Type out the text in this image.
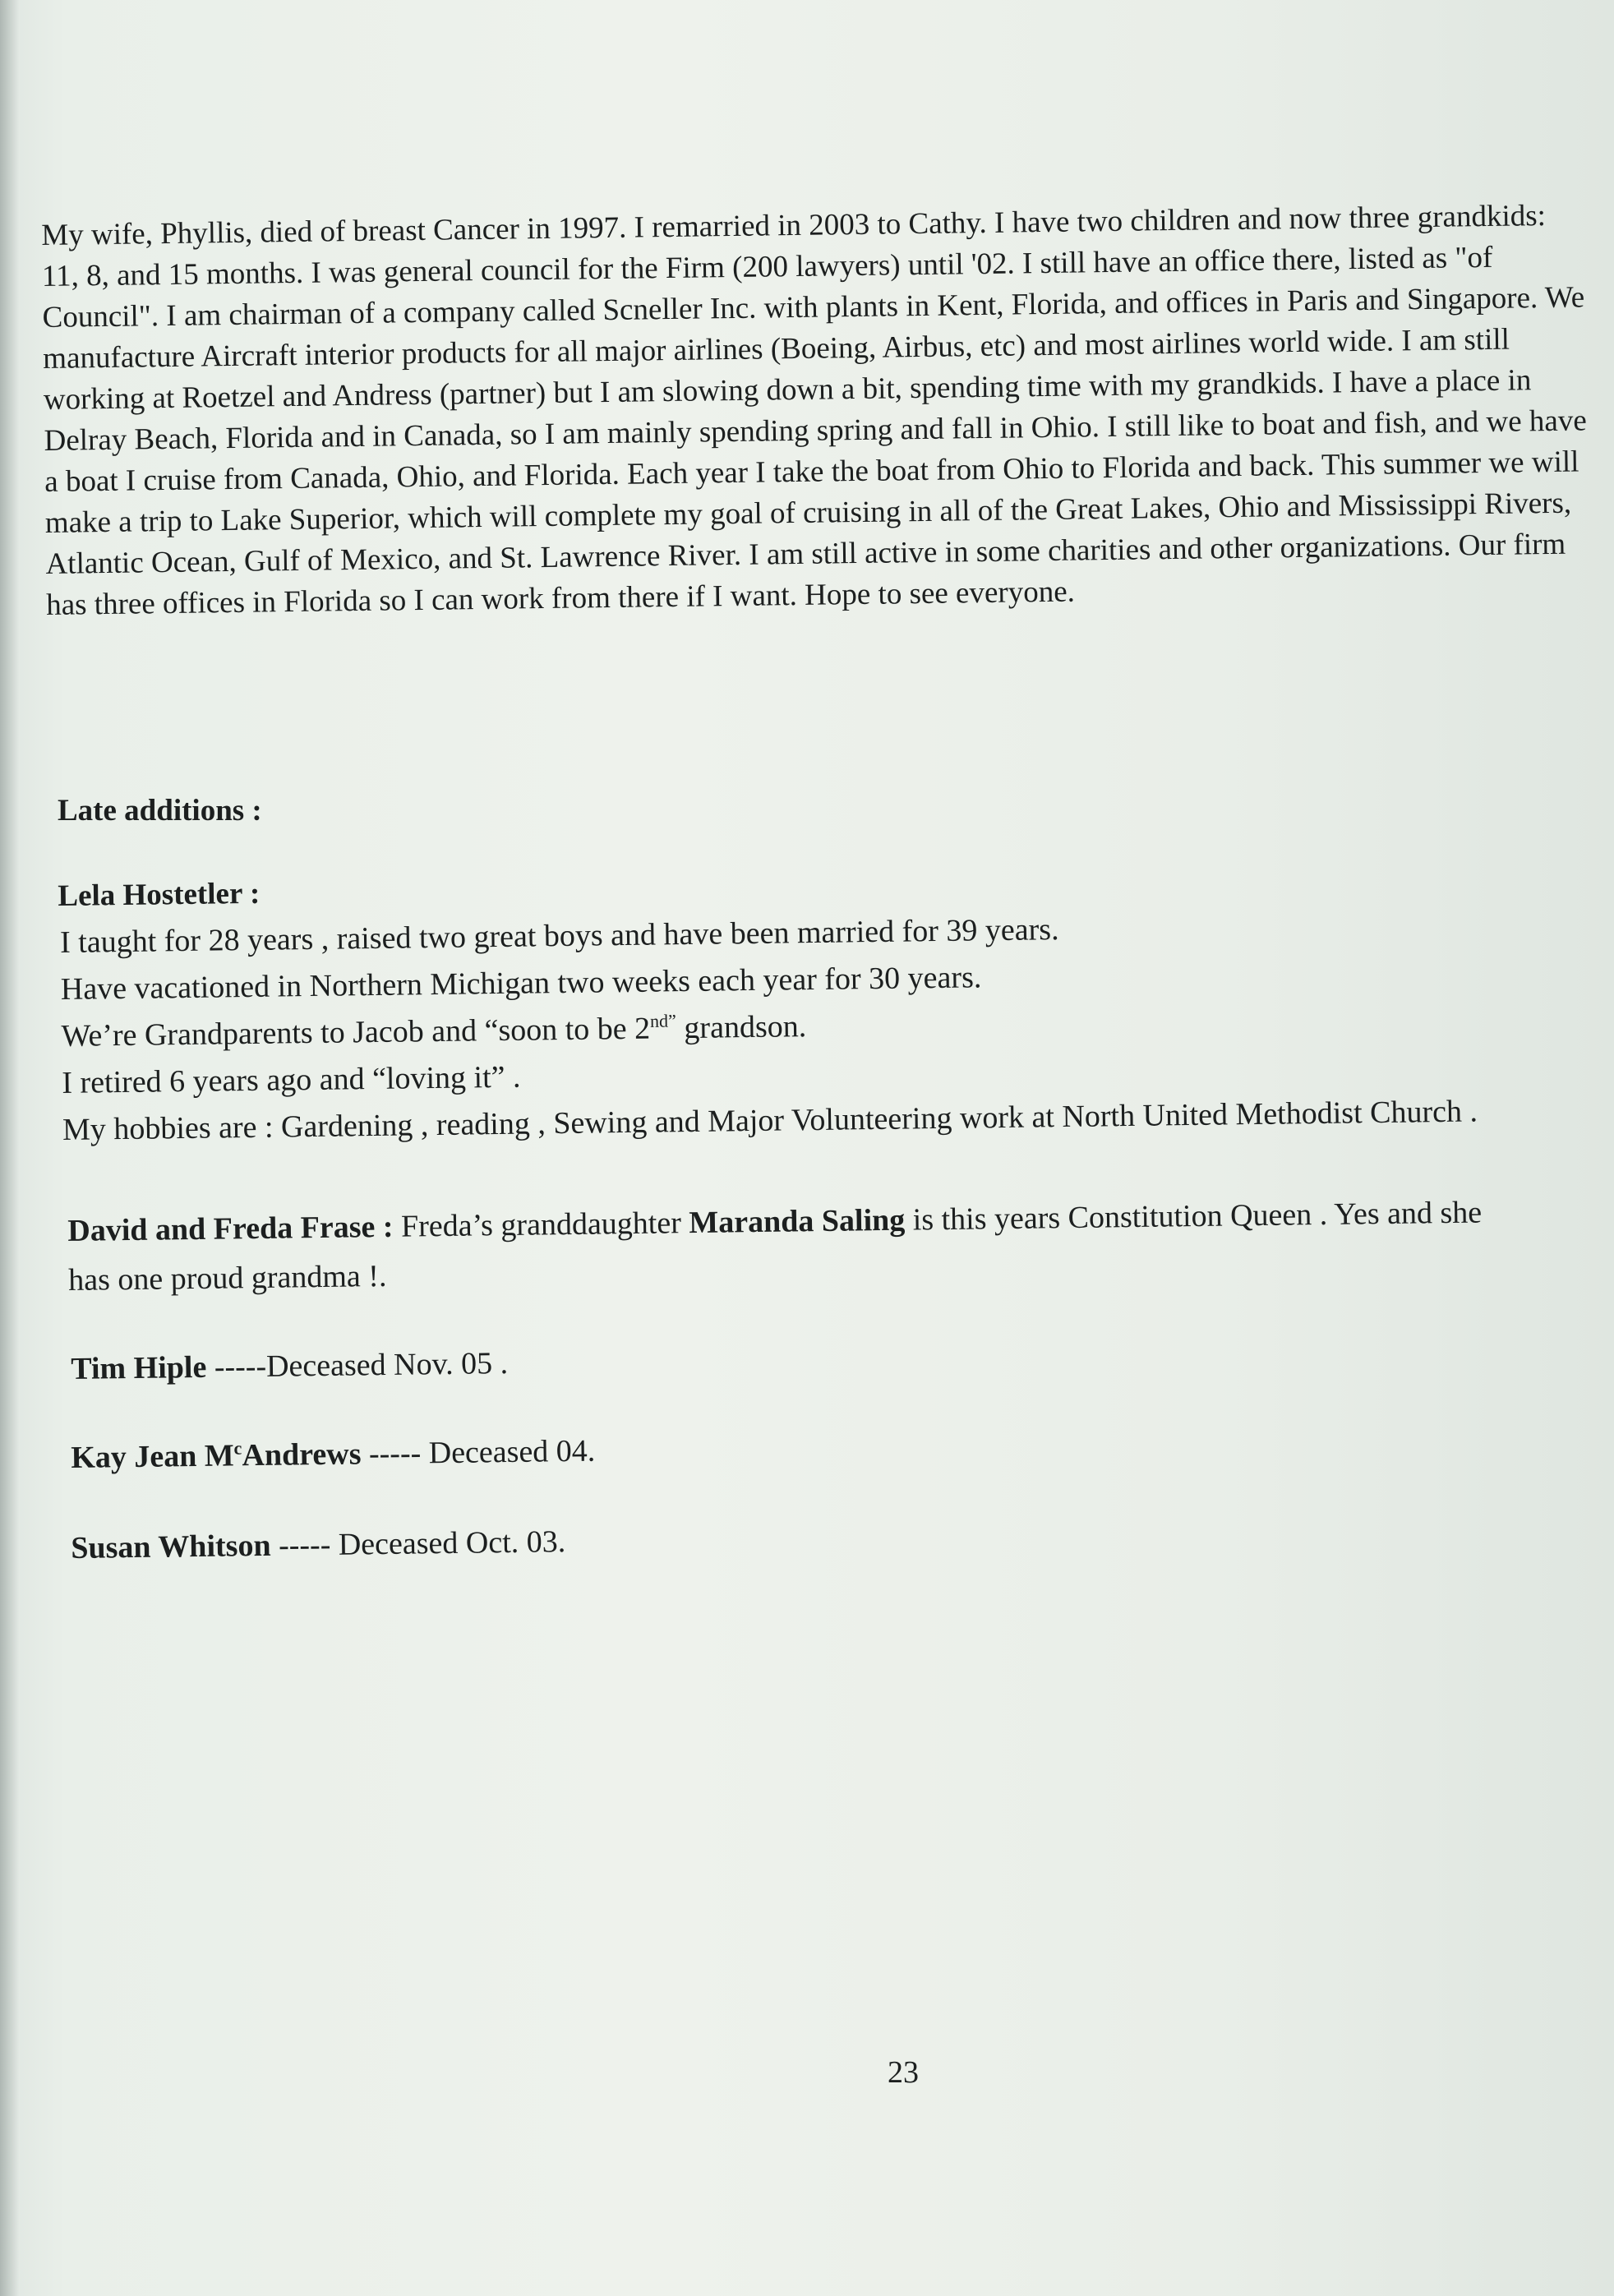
My wife, Phyllis, died of breast Cancer in 1997. I remarried in 2003 to Cathy. I have two children and now three grandkids: 11, 8, and 15 months. I was general council for the Firm (200 lawyers) until '02. I still have an office there, listed as "of Council". I am chairman of a company called Scneller Inc. with plants in Kent, Florida, and offices in Paris and Singapore. We manufacture Aircraft interior products for all major airlines (Boeing, Airbus, etc) and most airlines world wide. I am still working at Roetzel and Andress (partner) but I am slowing down a bit, spending time with my grandkids. I have a place in Delray Beach, Florida and in Canada, so I am mainly spending spring and fall in Ohio. I still like to boat and fish, and we have a boat I cruise from Canada, Ohio, and Florida. Each year I take the boat from Ohio to Florida and back. This summer we will make a trip to Lake Superior, which will complete my goal of cruising in all of the Great Lakes, Ohio and Mississippi Rivers, Atlantic Ocean, Gulf of Mexico, and St. Lawrence River. I am still active in some charities and other organizations. Our firm has three offices in Florida so I can work from there if I want. Hope to see everyone.

Late additions :

Lela Hostetler :
I taught for 28 years , raised two great boys and have been married for 39 years.
Have vacationed in Northern Michigan two weeks each year for 30 years.
We’re Grandparents to Jacob and “soon to be $2^{nd”}$ grandson.
I retired 6 years ago and “loving it” .
My hobbies are : Gardening , reading , Sewing and Major Volunteering work at North United Methodist Church .

David and Freda Frase : Freda’s granddaughter Maranda Saling is this years Constitution Queen . Yes and she has one proud grandma !.

Tim Hiple -----Deceased Nov. 05 .

Kay Jean $M^cAndrews$ ----- Deceased 04.

Susan Whitson ----- Deceased Oct. 03.

23
